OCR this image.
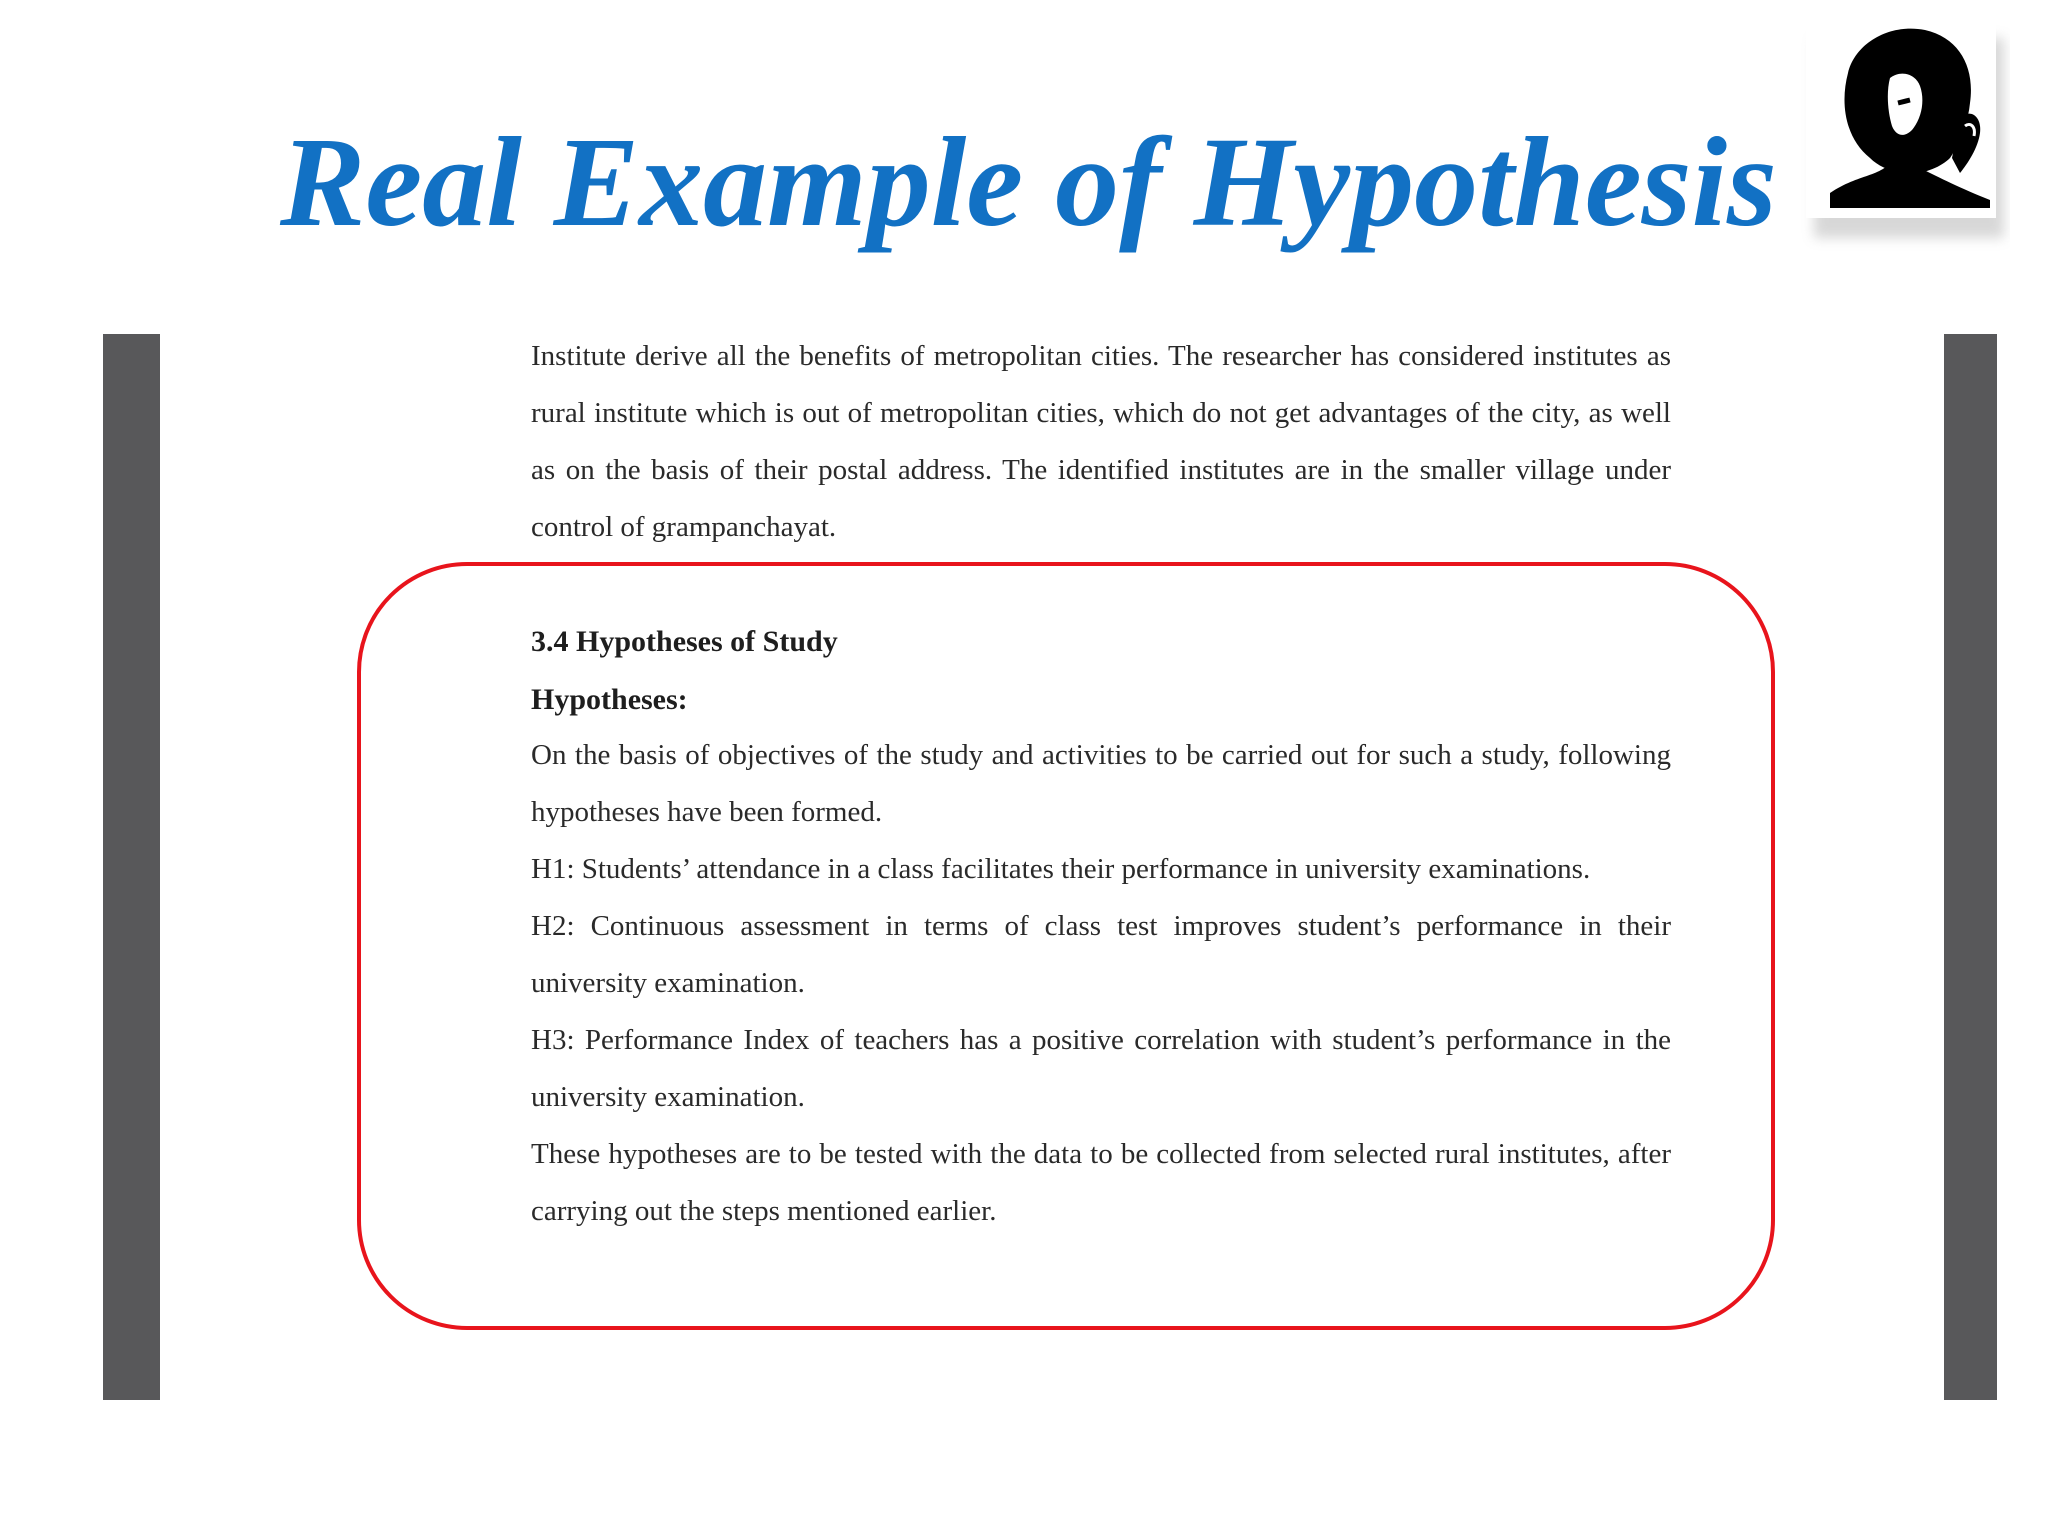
Real Example of Hypothesis

Institute derive all the benefits of metropolitan cities. The researcher has considered institutes as rural institute which is out of metropolitan cities, which do not get advantages of the city, as well as on the basis of their postal address. The identified institutes are in the smaller village under control of grampanchayat.

3.4 Hypotheses of Study

Hypotheses:

On the basis of objectives of the study and activities to be carried out for such a study, following hypotheses have been formed.

H1: Students’ attendance in a class facilitates their performance in university examinations.

H2: Continuous assessment in terms of class test improves student’s performance in their university examination.

H3: Performance Index of teachers has a positive correlation with student’s performance in the university examination.

These hypotheses are to be tested with the data to be collected from selected rural institutes, after carrying out the steps mentioned earlier.
